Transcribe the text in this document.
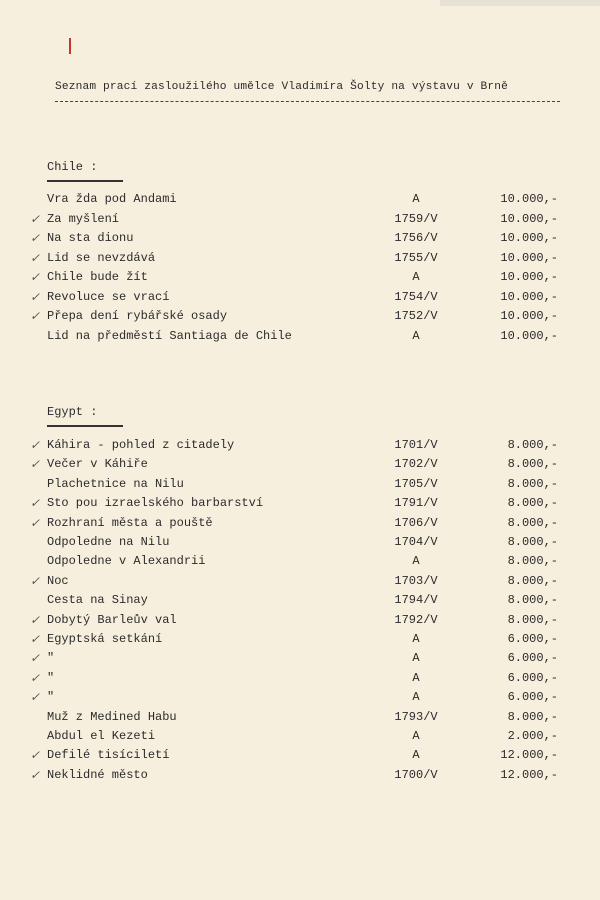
Seznam prací zasloužilého umělce Vladimíra Šolty na výstavu v Brně
Chile :
Vra žda pod Andami	A	10.000,-
✓ Za myšlení	1759/V	10.000,-
✓ Na sta dionu	1756/V	10.000,-
✓ Lid se nevzdává	1755/V	10.000,-
✓ Chile bude žít	A	10.000,-
✓ Revoluce se vrací	1754/V	10.000,-
✓ Přepa dení rybářské osady	1752/V	10.000,-
Lid na předměstí Santiaga de Chile	A	10.000,-
Egypt :
✓ Káhira - pohled z citadely	1701/V	8.000,-
✓ Večer v Káhiře	1702/V	8.000,-
Plachetnice na Nilu	1705/V	8.000,-
✓ Sto pou izraelského barbarství	1791/V	8.000,-
✓ Rozhraní města a pouště	1706/V	8.000,-
Odpoledne na Nilu	1704/V	8.000,-
Odpoledne v Alexandrii	A	8.000,-
✓ Noc	1703/V	8.000,-
Cesta na Sinay	1794/V	8.000,-
✓ Dobytý Barleův val	1792/V	8.000,-
✓ Egyptská setkání	A	6.000,-
✓ "	A	6.000,-
✓ "	A	6.000,-
✓ "	A	6.000,-
Muž z Medined Habu	1793/V	8.000,-
Abdul el Kezeti	A	2.000,-
✓ Defilé tisíciletí	A	12.000,-
✓ Neklidné město	1700/V	12.000,-
